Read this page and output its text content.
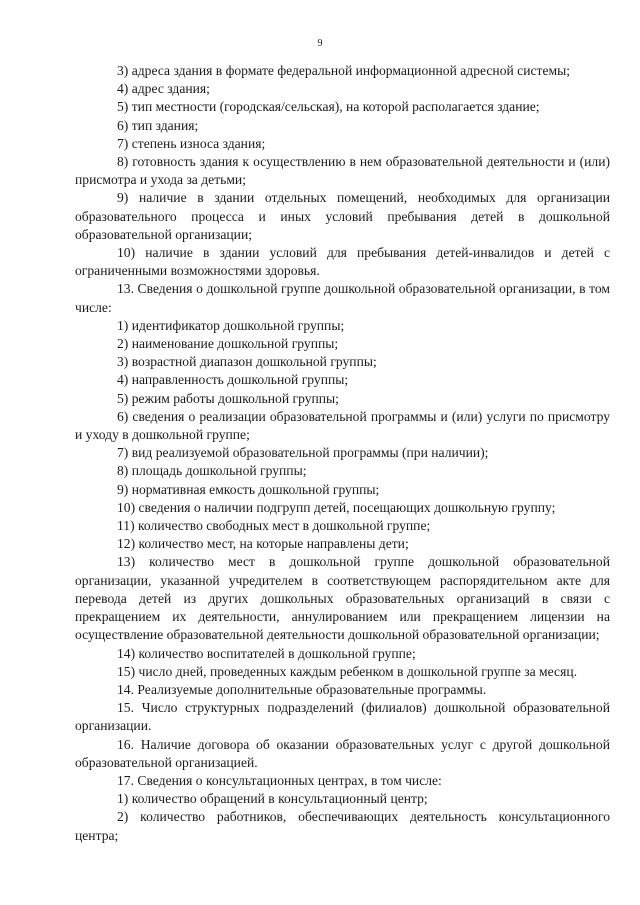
9

3) адреса здания в формате федеральной информационной адресной системы;

4) адрес здания;

5) тип местности (городская/сельская), на которой располагается здание;

6) тип здания;

7) степень износа здания;

8) готовность здания к осуществлению в нем образовательной деятельности и (или) присмотра и ухода за детьми;

9) наличие в здании отдельных помещений, необходимых для организации образовательного процесса и иных условий пребывания детей в дошкольной образовательной организации;

10) наличие в здании условий для пребывания детей-инвалидов и детей с ограниченными возможностями здоровья.

13. Сведения о дошкольной группе дошкольной образовательной организации, в том числе:

1) идентификатор дошкольной группы;

2) наименование дошкольной группы;

3) возрастной диапазон дошкольной группы;

4) направленность дошкольной группы;

5) режим работы дошкольной группы;

6) сведения о реализации образовательной программы и (или) услуги по присмотру и уходу в дошкольной группе;

7) вид реализуемой образовательной программы (при наличии);

8) площадь дошкольной группы;

9) нормативная емкость дошкольной группы;

10) сведения о наличии подгрупп детей, посещающих дошкольную группу;

11) количество свободных мест в дошкольной группе;

12) количество мест, на которые направлены дети;

13) количество мест в дошкольной группе дошкольной образовательной организации, указанной учредителем в соответствующем распорядительном акте для перевода детей из других дошкольных образовательных организаций в связи с прекращением их деятельности, аннулированием или прекращением лицензии на осуществление образовательной деятельности дошкольной образовательной организации;

14) количество воспитателей в дошкольной группе;

15) число дней, проведенных каждым ребенком в дошкольной группе за месяц.

14. Реализуемые дополнительные образовательные программы.

15. Число структурных подразделений (филиалов) дошкольной образовательной организации.

16. Наличие договора об оказании образовательных услуг с другой дошкольной образовательной организацией.

17. Сведения о консультационных центрах, в том числе:

1) количество обращений в консультационный центр;

2) количество работников, обеспечивающих деятельность консультационного центра;
